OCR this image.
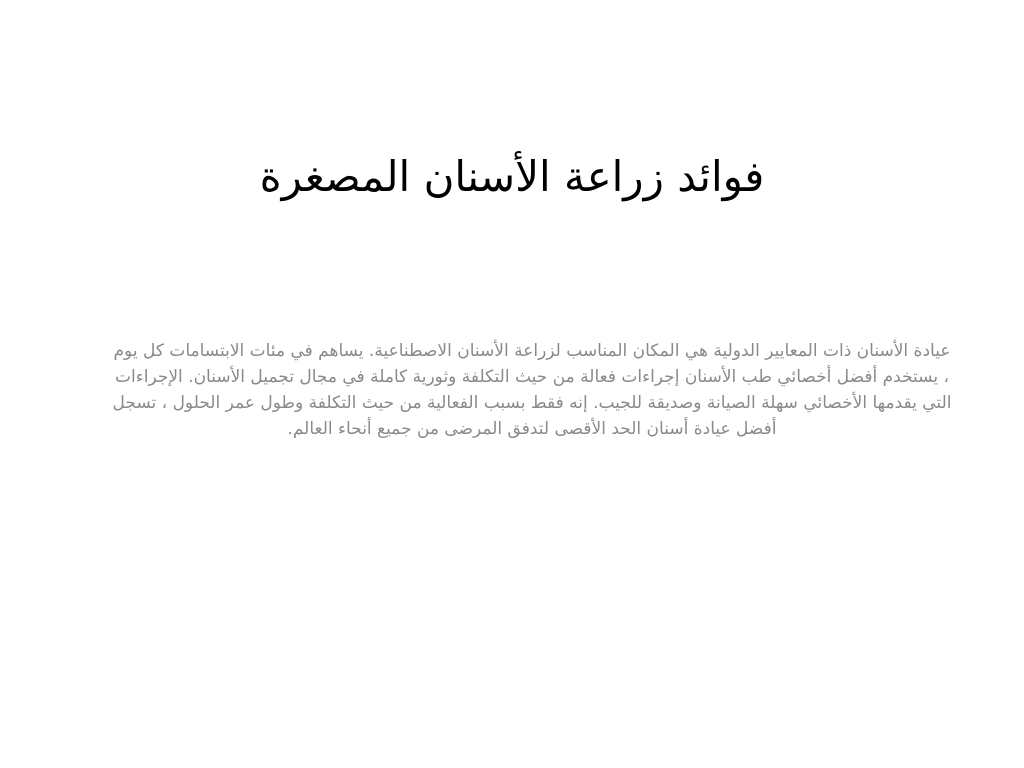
فوائد زراعة الأسنان المصغرة
عيادة الأسنان ذات المعايير الدولية هي المكان المناسب لزراعة الأسنان الاصطناعية. يساهم في مئات الابتسامات كل يوم ، يستخدم أفضل أخصائي طب الأسنان إجراءات فعالة من حيث التكلفة وثورية كاملة في مجال تجميل الأسنان. الإجراءات التي يقدمها الأخصائي سهلة الصيانة وصديقة للجيب. إنه فقط بسبب الفعالية من حيث التكلفة وطول عمر الحلول ، تسجل أفضل عيادة أسنان الحد الأقصى لتدفق المرضى من جميع أنحاء العالم.
